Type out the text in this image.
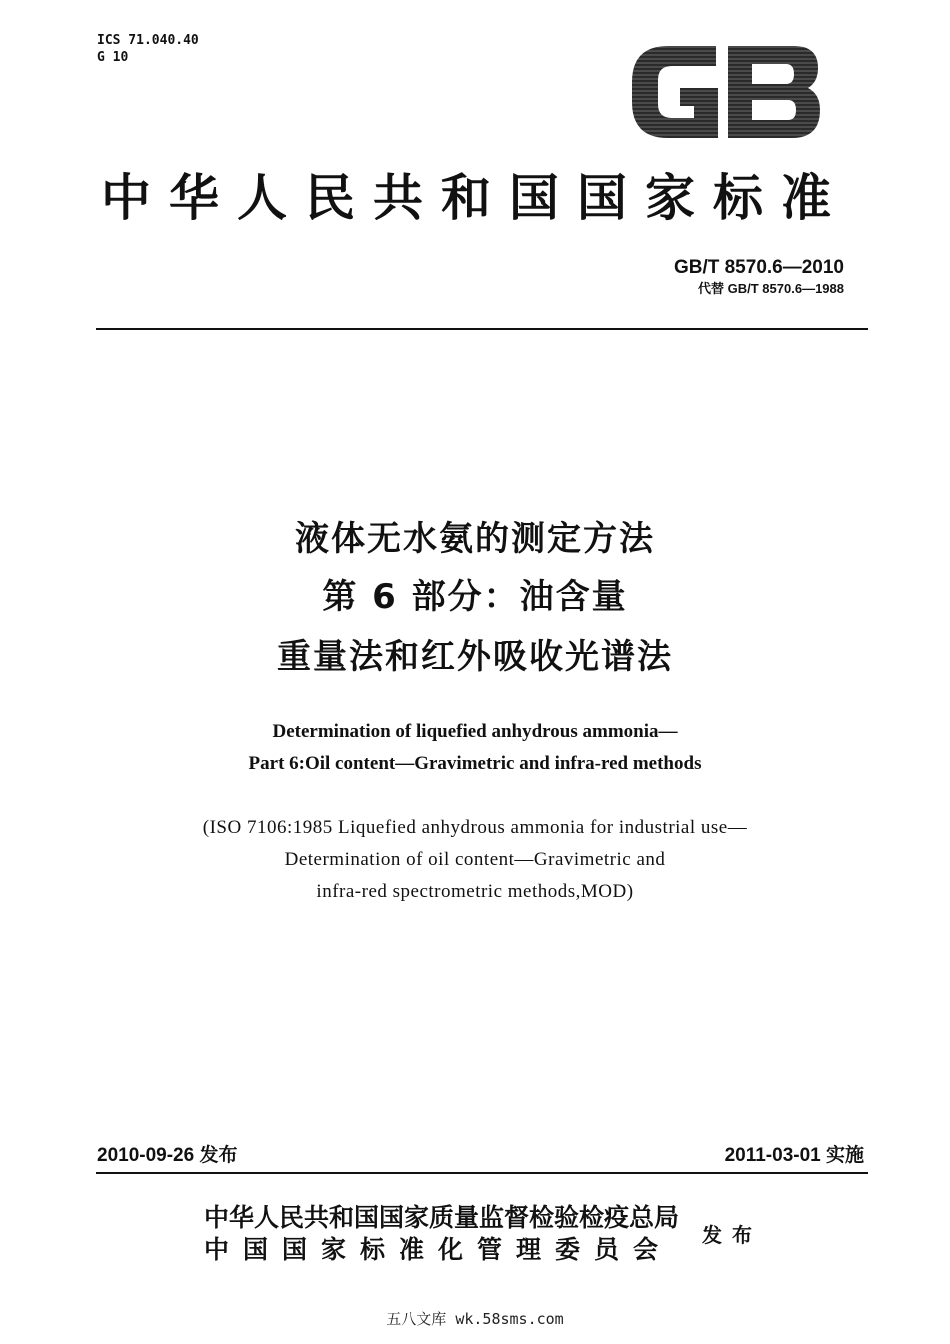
ICS 71.040.40
G 10
中华人民共和国国家标准
GB/T 8570.6—2010
代替 GB/T 8570.6—1988
液体无水氨的测定方法
第 6 部分：油含量
重量法和红外吸收光谱法
Determination of liquefied anhydrous ammonia—
Part 6:Oil content—Gravimetric and infra-red methods
(ISO 7106:1985 Liquefied anhydrous ammonia for industrial use—
Determination of oil content—Gravimetric and
infra-red spectrometric methods,MOD)
2010-09-26 发布	2011-03-01 实施
中华人民共和国国家质量监督检验检疫总局
中国国家标准化管理委员会 发布
五八文库 wk.58sms.com
